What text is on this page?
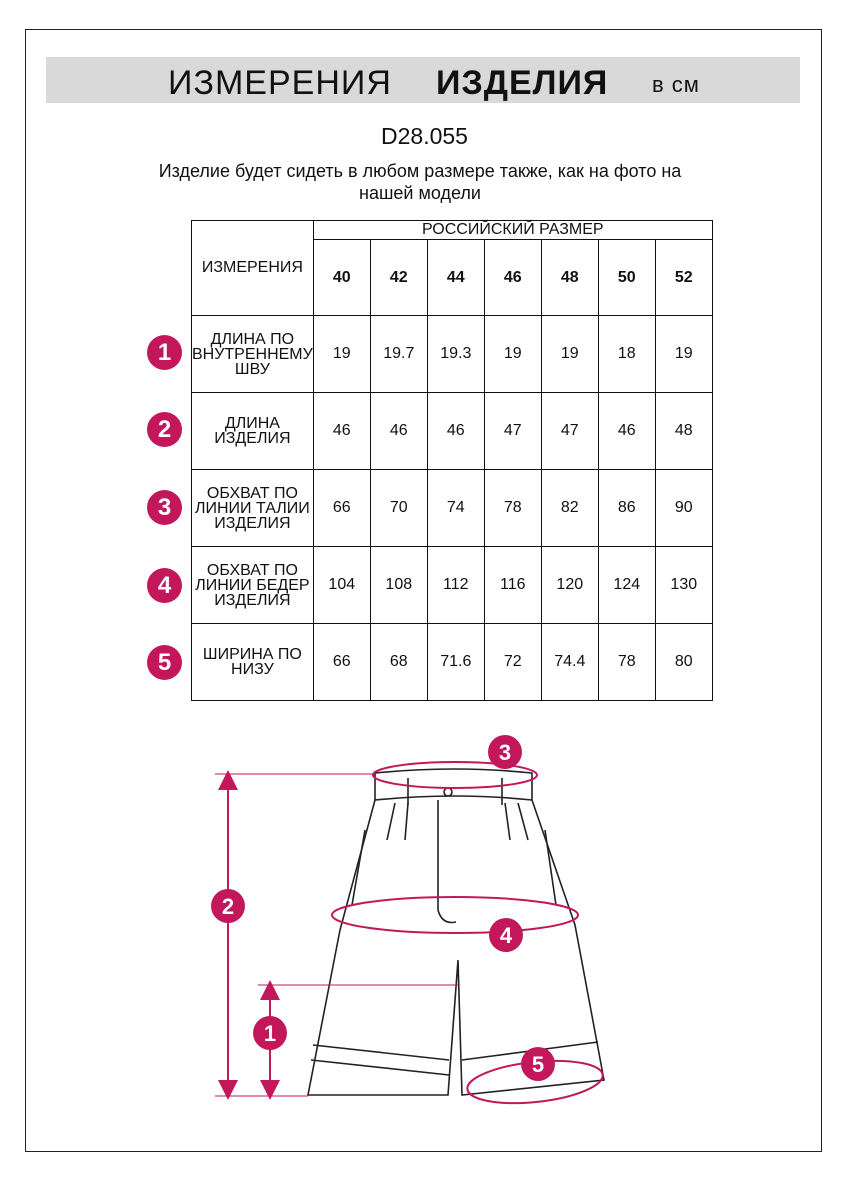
ИЗМЕРЕНИЯ ИЗДЕЛИЯ в см
D28.055
Изделие будет сидеть в любом размере также, как на фото на нашей модели
ИЗМЕРЕНИЯ	РОССИЙСКИЙ РАЗМЕР						
	40	42	44	46	48	50	52
ДЛИНА ПО ВНУТРЕННЕМУ ШВУ	19	19.7	19.3	19	19	18	19
ДЛИНА ИЗДЕЛИЯ	46	46	46	47	47	46	48
ОБХВАТ ПО ЛИНИИ ТАЛИИ ИЗДЕЛИЯ	66	70	74	78	82	86	90
ОБХВАТ ПО ЛИНИИ БЕДЕР ИЗДЕЛИЯ	104	108	112	116	120	124	130
ШИРИНА ПО НИЗУ	66	68	71.6	72	74.4	78	80
1
2
3
4
5
1
2
3
4
5
